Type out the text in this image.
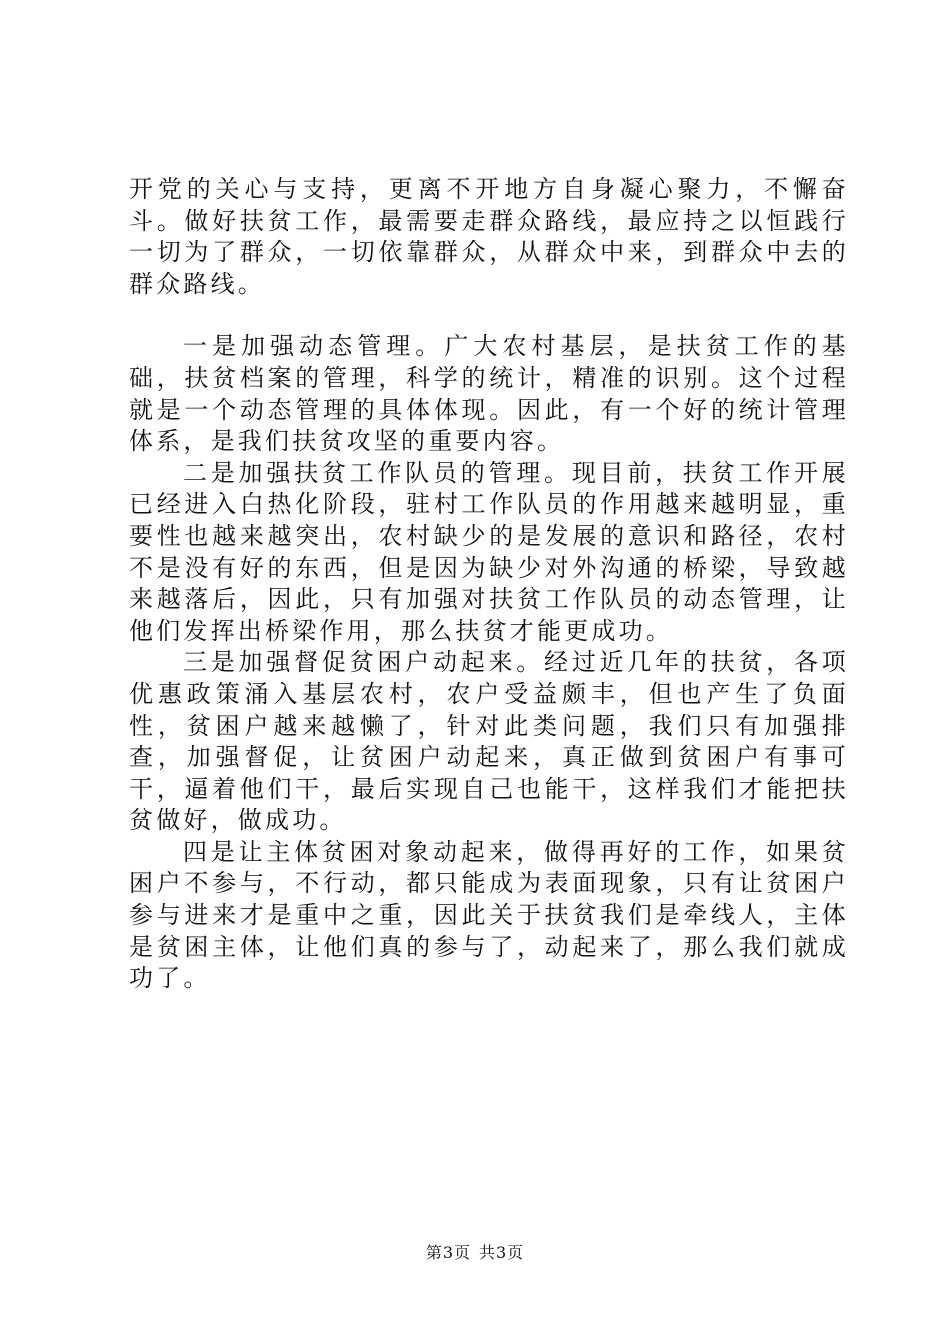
开党的关心与支持，更离不开地方自身凝心聚力，不懈奋斗。做好扶贫工作，最需要走群众路线，最应持之以恒践行一切为了群众，一切依靠群众，从群众中来，到群众中去的群众路线。

一是加强动态管理。广大农村基层，是扶贫工作的基础，扶贫档案的管理，科学的统计，精准的识别。这个过程就是一个动态管理的具体体现。因此，有一个好的统计管理体系，是我们扶贫攻坚的重要内容。

二是加强扶贫工作队员的管理。现目前，扶贫工作开展已经进入白热化阶段，驻村工作队员的作用越来越明显，重要性也越来越突出，农村缺少的是发展的意识和路径，农村不是没有好的东西，但是因为缺少对外沟通的桥梁，导致越来越落后，因此，只有加强对扶贫工作队员的动态管理，让他们发挥出桥梁作用，那么扶贫才能更成功。

三是加强督促贫困户动起来。经过近几年的扶贫，各项优惠政策涌入基层农村，农户受益颇丰，但也产生了负面性，贫困户越来越懒了，针对此类问题，我们只有加强排查，加强督促，让贫困户动起来，真正做到贫困户有事可干，逼着他们干，最后实现自己也能干，这样我们才能把扶贫做好，做成功。

四是让主体贫困对象动起来，做得再好的工作，如果贫困户不参与，不行动，都只能成为表面现象，只有让贫困户参与进来才是重中之重，因此关于扶贫我们是牵线人，主体是贫困主体，让他们真的参与了，动起来了，那么我们就成功了。

第3页 共3页
